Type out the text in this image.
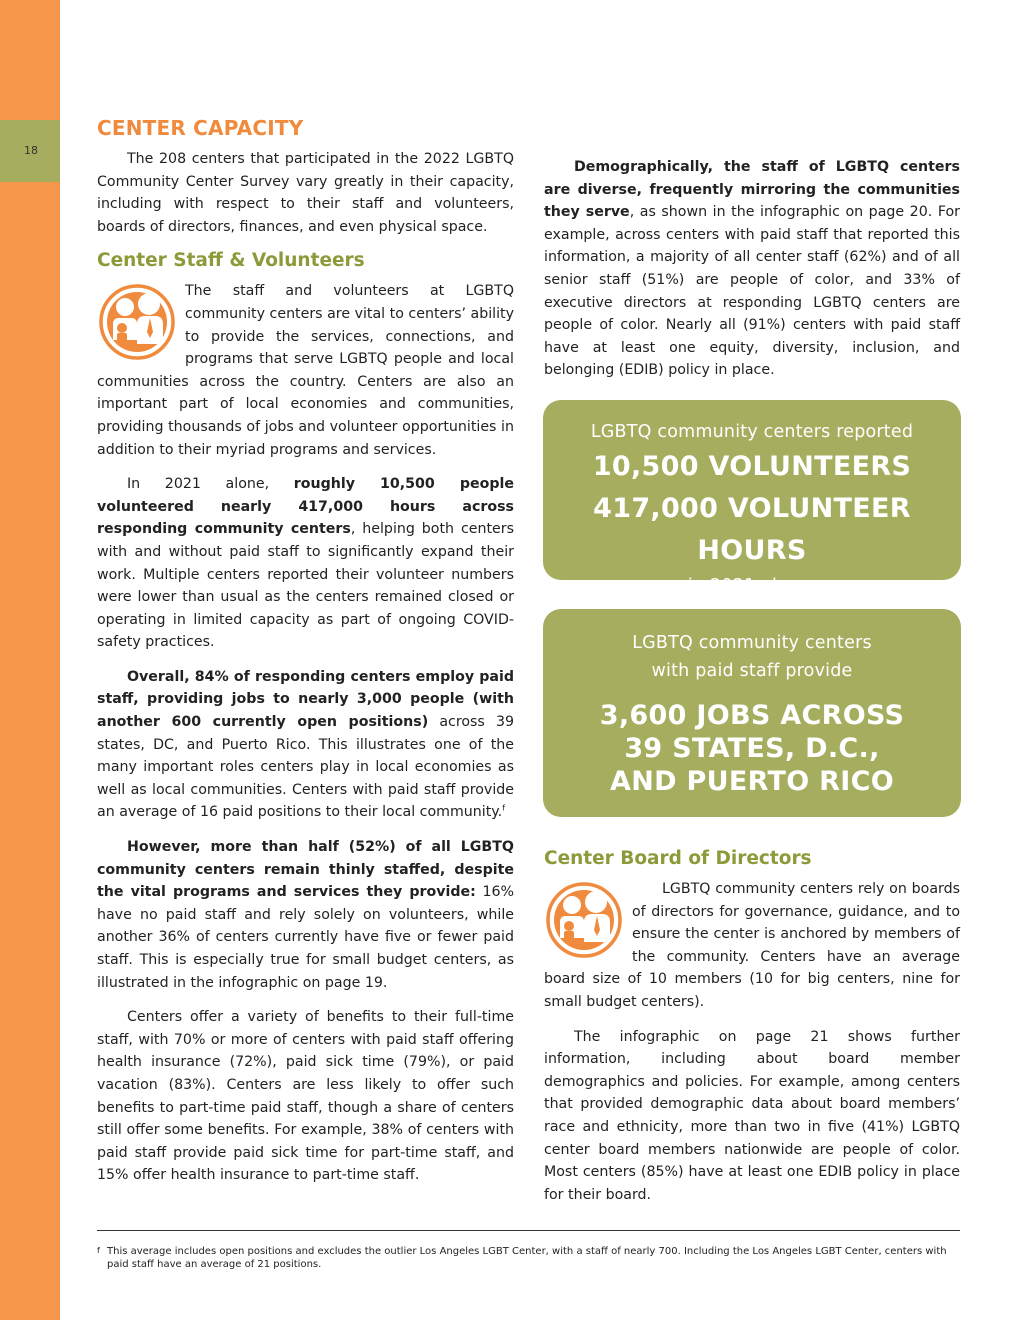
18
CENTER CAPACITY

The 208 centers that participated in the 2022 LGBTQ Community Center Survey vary greatly in their capacity, including with respect to their staff and volunteers, boards of directors, finances, and even physical space.

Center Staff & Volunteers

The staff and volunteers at LGBTQ community centers are vital to centers’ ability to provide the services, connections, and programs that serve LGBTQ people and local communities across the country. Centers are also an important part of local economies and communities, providing thousands of jobs and volunteer opportunities in addition to their myriad programs and services.

In 2021 alone, roughly 10,500 people volunteered nearly 417,000 hours across responding community centers, helping both centers with and without paid staff to significantly expand their work. Multiple centers reported their volunteer numbers were lower than usual as the centers remained closed or operating in limited capacity as part of ongoing COVID-safety practices.

Overall, 84% of responding centers employ paid staff, providing jobs to nearly 3,000 people (with another 600 currently open positions) across 39 states, DC, and Puerto Rico. This illustrates one of the many important roles centers play in local economies as well as local communities. Centers with paid staff provide an average of 16 paid positions to their local community.$^f$

However, more than half (52%) of all LGBTQ community centers remain thinly staffed, despite the vital programs and services they provide: 16% have no paid staff and rely solely on volunteers, while another 36% of centers currently have five or fewer paid staff. This is especially true for small budget centers, as illustrated in the infographic on page 19.

Centers offer a variety of benefits to their full-time staff, with 70% or more of centers with paid staff offering health insurance (72%), paid sick time (79%), or paid vacation (83%). Centers are less likely to offer such benefits to part-time paid staff, though a share of centers still offer some benefits. For example, 38% of centers with paid staff provide paid sick time for part-time staff, and 15% offer health insurance to part-time staff.

Demographically, the staff of LGBTQ centers are diverse, frequently mirroring the communities they serve, as shown in the infographic on page 20. For example, across centers with paid staff that reported this information, a majority of all center staff (62%) and of all senior staff (51%) are people of color, and 33% of executive directors at responding LGBTQ centers are people of color. Nearly all (91%) centers with paid staff have at least one equity, diversity, inclusion, and belonging (EDIB) policy in place.

LGBTQ community centers reported
10,500 VOLUNTEERS
417,000 VOLUNTEER HOURS
in 2021 alone.
LGBTQ community centers
with paid staff provide
3,600 JOBS ACROSS
39 STATES, D.C.,
AND PUERTO RICO
Center Board of Directors

LGBTQ community centers rely on boards of directors for governance, guidance, and to ensure the center is anchored by members of the community. Centers have an average board size of 10 members (10 for big centers, nine for small budget centers).

The infographic on page 21 shows further information, including about board member demographics and policies. For example, among centers that provided demographic data about board members’ race and ethnicity, more than two in five (41%) LGBTQ center board members nationwide are people of color. Most centers (85%) have at least one EDIB policy in place for their board.

f This average includes open positions and excludes the outlier Los Angeles LGBT Center, with a staff of nearly 700. Including the Los Angeles LGBT Center, centers with paid staff have an average of 21 positions.
